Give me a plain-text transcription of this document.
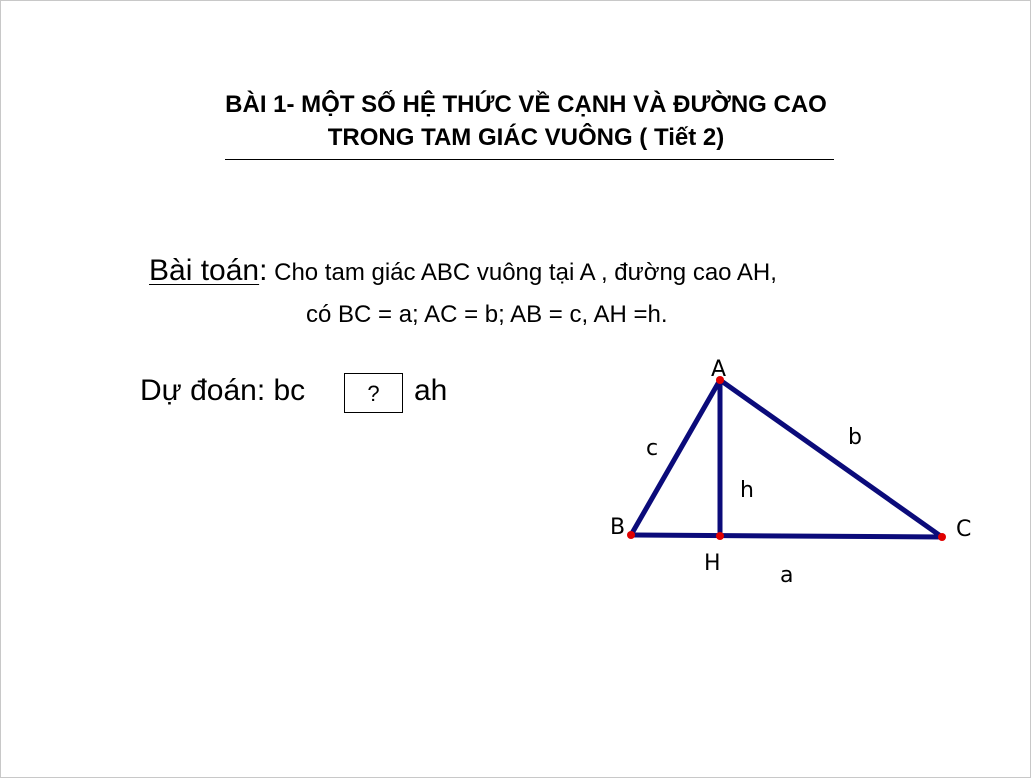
BÀI 1- MỘT SỐ HỆ THỨC VỀ CẠNH VÀ ĐƯỜNG CAO
TRONG TAM GIÁC VUÔNG ( Tiết 2)
Bài toán: Cho tam giác ABC vuông tại A , đường cao AH,
có BC = a; AC = b; AB = c, AH =h.
Dự đoán: bc	?	ah
A
B	C
H	a
b
c
h
